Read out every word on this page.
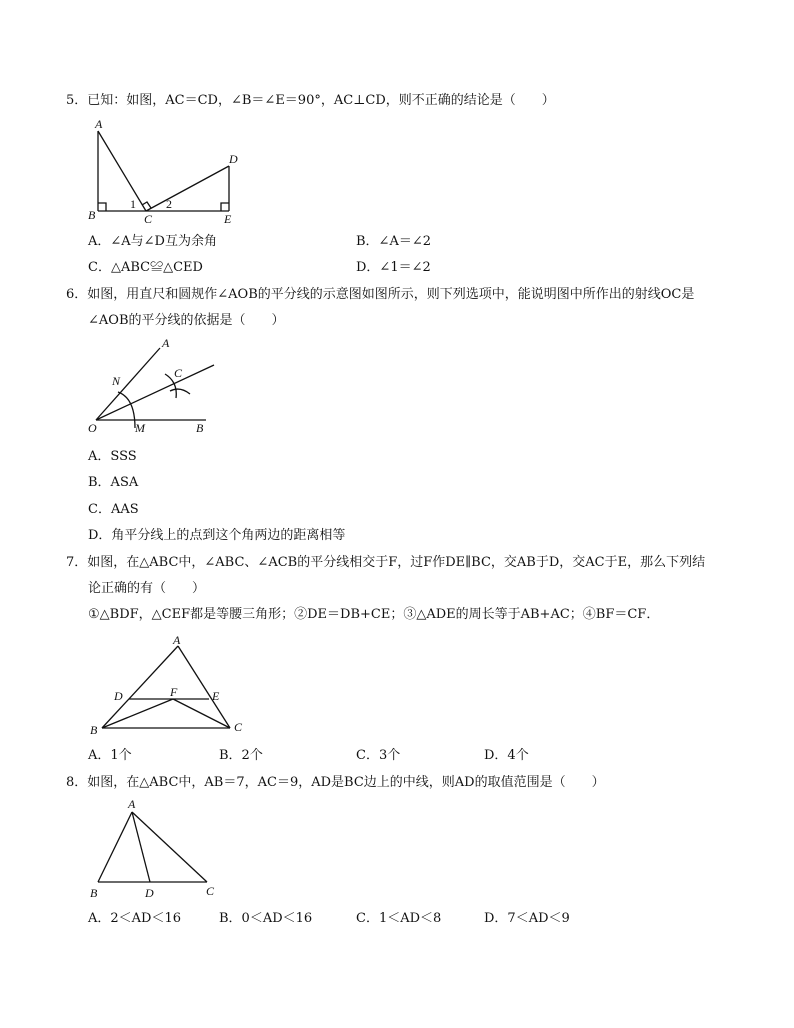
5．已知：如图，AC＝CD，∠B＝∠E＝90°，AC⊥CD，则不正确的结论是（　　）
A
B	C
D
E
1	2
A．∠A与∠D互为余角	B．∠A＝∠2
C．△ABC≌△CED	D．∠1＝∠2
6．如图，用直尺和圆规作∠AOB的平分线的示意图如图所示，则下列选项中，能说明图中所作出的射线OC是
∠AOB的平分线的依据是（　　）
A
N
C
O	M	B
A．SSS
B．ASA
C．AAS
D．角平分线上的点到这个角两边的距离相等
7．如图，在△ABC中，∠ABC、∠ACB的平分线相交于F，过F作DE∥BC，交AB于D，交AC于E，那么下列结
论正确的有（　　）
①△BDF，△CEF都是等腰三角形；②DE＝DB+CE；③△ADE的周长等于AB+AC；④BF＝CF．
A
D	F	E
B	C
A．1个	B．2个	C．3个	D．4个
8．如图，在△ABC中，AB＝7，AC＝9，AD是BC边上的中线，则AD的取值范围是（　　）
A
B	D	C
A．2＜AD＜16	B．0＜AD＜16	C．1＜AD＜8	D．7＜AD＜9
